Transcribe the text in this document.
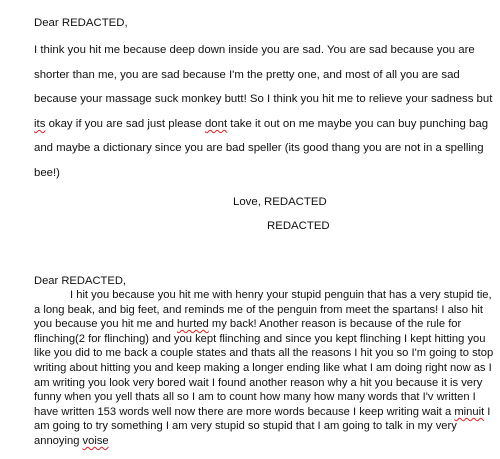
Dear REDACTED,

I think you hit me because deep down inside you are sad. You are sad because you are shorter than me, you are sad because I'm the pretty one, and most of all you are sad because your massage suck monkey butt! So I think you hit me to relieve your sadness but its okay if you are sad just please dont take it out on me maybe you can buy punching bag and maybe a dictionary since you are bad speller (its good thang you are not in a spelling bee!)

Love, REDACTED
REDACTED

Dear REDACTED,

I hit you because you hit me with henry your stupid penguin that has a very stupid tie, a long beak, and big feet, and reminds me of the penguin from meet the spartans! I also hit you because you hit me and hurted my back! Another reason is because of the rule for flinching(2 for flinching) and you kept flinching and since you kept flinching I kept hitting you like you did to me back a couple states and thats all the reasons I hit you so I'm going to stop writing about hitting you and keep making a longer ending like what I am doing right now as I am writing you look very bored wait I found another reason why a hit you because it is very funny when you yell thats all so I am to count how many how many words that I'v written I have written 153 words well now there are more words because I keep writing wait a minuit I am going to try something I am very stupid so stupid that I am going to talk in my very annoying voise
